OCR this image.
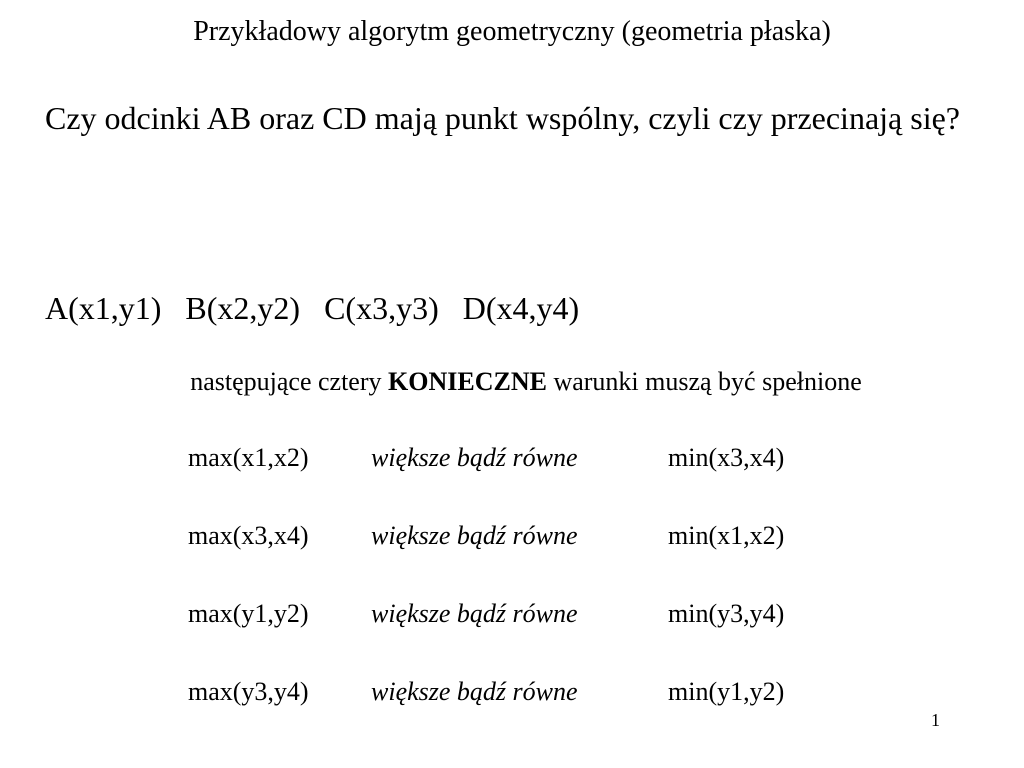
Przykładowy algorytm geometryczny (geometria płaska)
Czy odcinki AB oraz CD mają punkt wspólny, czyli czy przecinają się?
A(x1,y1) B(x2,y2) C(x3,y3) D(x4,y4)
następujące cztery KONIECZNE warunki muszą być spełnione
max(x1,x2) większe bądź równe	min(x3,x4)
max(x3,x4) większe bądź równe	min(x1,x2)
max(y1,y2) większe bądź równe	min(y3,y4)
max(y3,y4) większe bądź równe	min(y1,y2)
1
